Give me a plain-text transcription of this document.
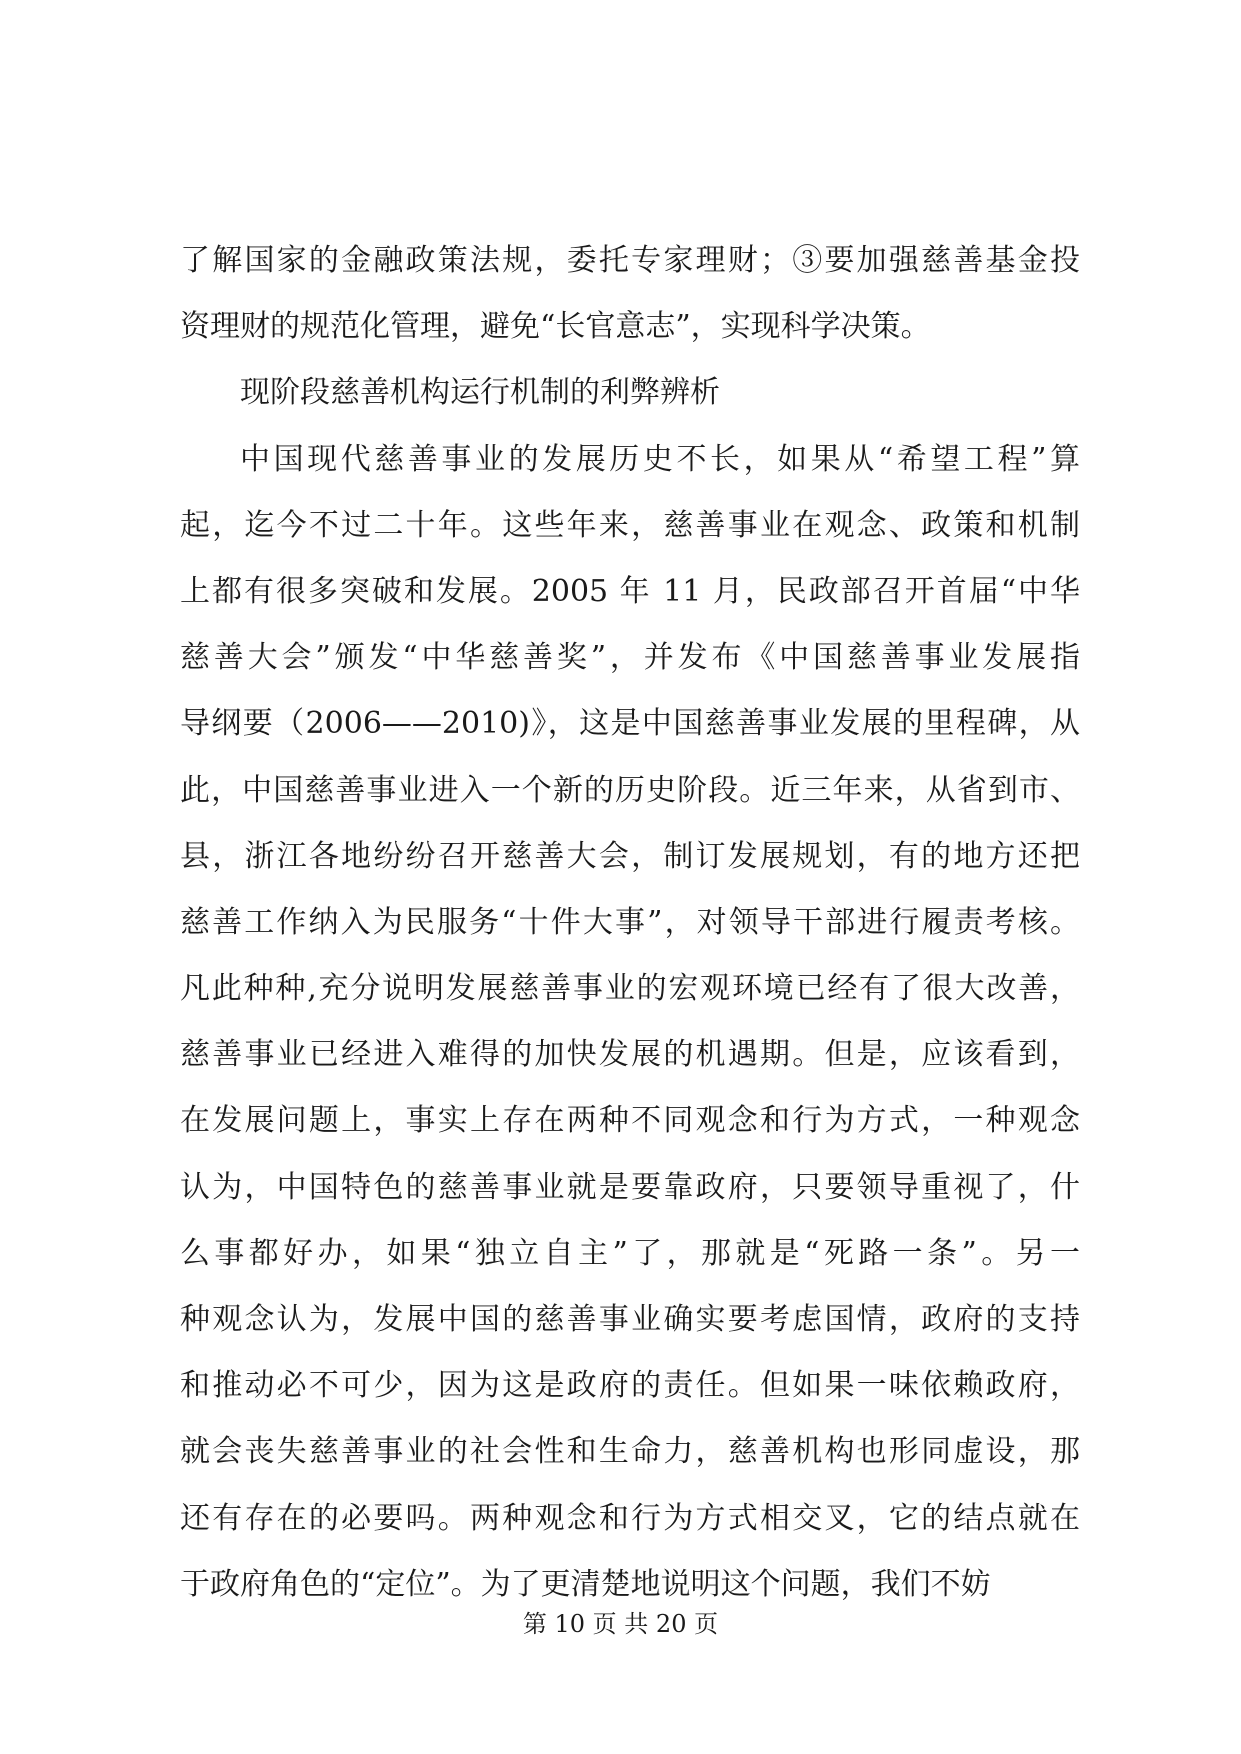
了解国家的金融政策法规，委托专家理财；③要加强慈善基金投
资理财的规范化管理，避免“长官意志”，实现科学决策。
现阶段慈善机构运行机制的利弊辨析
中国现代慈善事业的发展历史不长，如果从“希望工程”算
起，迄今不过二十年。这些年来，慈善事业在观念、政策和机制
上都有很多突破和发展。2005 年 11 月，民政部召开首届“中华
慈善大会”颁发“中华慈善奖”，并发布《中国慈善事业发展指
导纲要（2006——2010)》，这是中国慈善事业发展的里程碑，从
此，中国慈善事业进入一个新的历史阶段。近三年来，从省到市、
县，浙江各地纷纷召开慈善大会，制订发展规划，有的地方还把
慈善工作纳入为民服务“十件大事”，对领导干部进行履责考核。
凡此种种,充分说明发展慈善事业的宏观环境已经有了很大改善，
慈善事业已经进入难得的加快发展的机遇期。但是，应该看到，
在发展问题上，事实上存在两种不同观念和行为方式，一种观念
认为，中国特色的慈善事业就是要靠政府，只要领导重视了，什
么事都好办，如果“独立自主”了，那就是“死路一条”。另一
种观念认为，发展中国的慈善事业确实要考虑国情，政府的支持
和推动必不可少，因为这是政府的责任。但如果一味依赖政府，
就会丧失慈善事业的社会性和生命力，慈善机构也形同虚设，那
还有存在的必要吗。两种观念和行为方式相交叉，它的结点就在
于政府角色的“定位”。为了更清楚地说明这个问题，我们不妨
第 10 页 共 20 页
